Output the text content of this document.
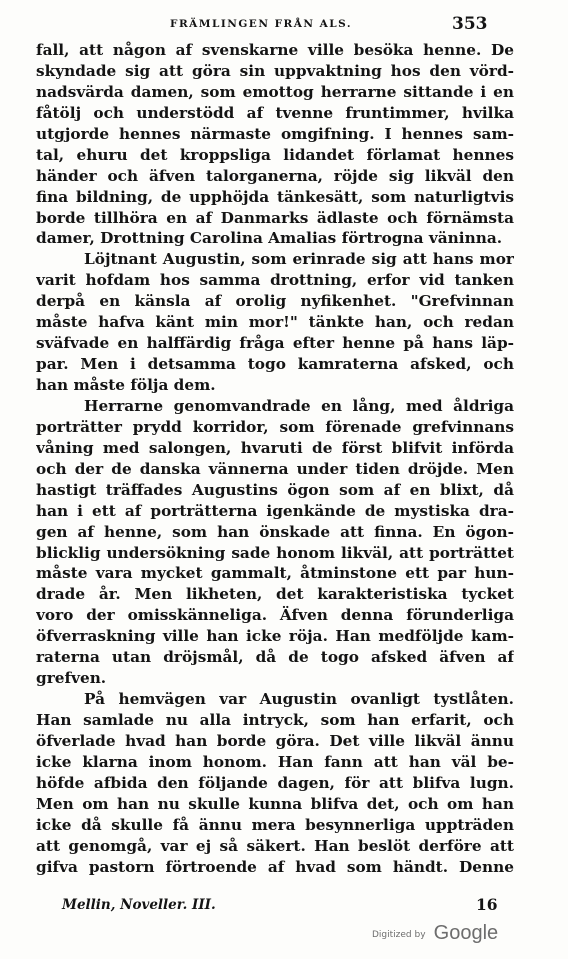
FRÄMLINGEN FRÅN ALS.	353
fall, att någon af svenskarne ville besöka henne. De
skyndade sig att göra sin uppvaktning hos den vörd-
nadsvärda damen, som emottog herrarne sittande i en
fåtölj och understödd af tvenne fruntimmer, hvilka
utgjorde hennes närmaste omgifning. I hennes sam-
tal, ehuru det kroppsliga lidandet förlamat hennes
händer och äfven talorganerna, röjde sig likväl den
fina bildning, de upphöjda tänkesätt, som naturligtvis
borde tillhöra en af Danmarks ädlaste och förnämsta
damer, Drottning Carolina Amalias förtrogna väninna.
Löjtnant Augustin, som erinrade sig att hans mor
varit hofdam hos samma drottning, erfor vid tanken
derpå en känsla af orolig nyfikenhet. "Grefvinnan
måste hafva känt min mor!" tänkte han, och redan
sväfvade en halffärdig fråga efter henne på hans läp-
par. Men i detsamma togo kamraterna afsked, och
han måste följa dem.
Herrarne genomvandrade en lång, med åldriga
porträtter prydd korridor, som förenade grefvinnans
våning med salongen, hvaruti de först blifvit införda
och der de danska vännerna under tiden dröjde. Men
hastigt träffades Augustins ögon som af en blixt, då
han i ett af porträtterna igenkände de mystiska dra-
gen af henne, som han önskade att finna. En ögon-
blicklig undersökning sade honom likväl, att porträttet
måste vara mycket gammalt, åtminstone ett par hun-
drade år. Men likheten, det karakteristiska tycket
voro der omisskänneliga. Äfven denna förunderliga
öfverraskning ville han icke röja. Han medföljde kam-
raterna utan dröjsmål, då de togo afsked äfven af
grefven.
På hemvägen var Augustin ovanligt tystlåten.
Han samlade nu alla intryck, som han erfarit, och
öfverlade hvad han borde göra. Det ville likväl ännu
icke klarna inom honom. Han fann att han väl be-
höfde afbida den följande dagen, för att blifva lugn.
Men om han nu skulle kunna blifva det, och om han
icke då skulle få ännu mera besynnerliga uppträden
att genomgå, var ej så säkert. Han beslöt derföre att
gifva pastorn förtroende af hvad som händt. Denne
Mellin, Noveller. III.	16
Digitized by Google
